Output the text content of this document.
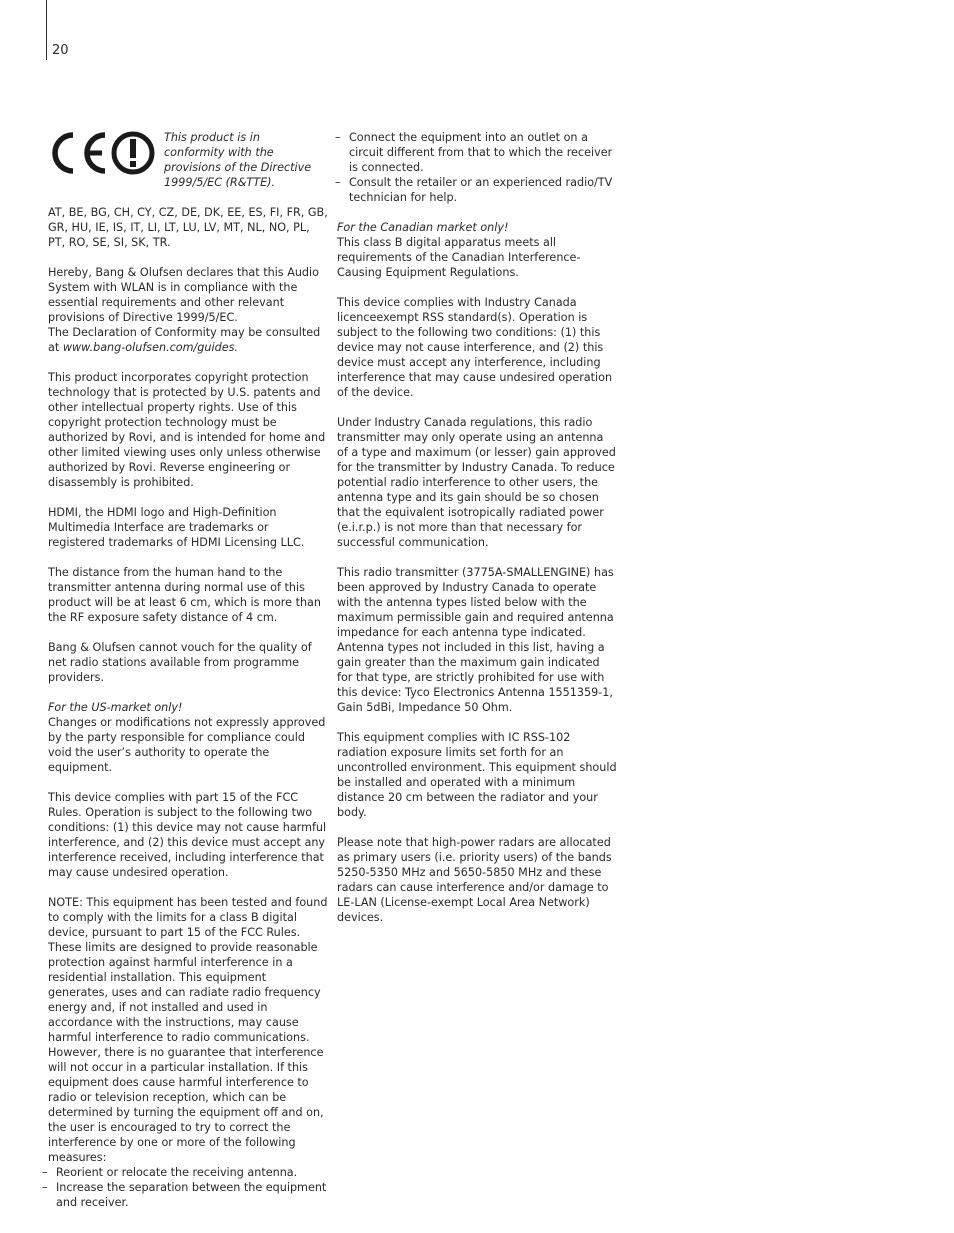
20
This product is in conformity with the provisions of the Directive 1999/5/EC (R&TTE).

AT, BE, BG, CH, CY, CZ, DE, DK, EE, ES, FI, FR, GB, GR, HU, IE, IS, IT, LI, LT, LU, LV, MT, NL, NO, PL, PT, RO, SE, SI, SK, TR.

Hereby, Bang & Olufsen declares that this Audio System with WLAN is in compliance with the essential requirements and other relevant provisions of Directive 1999/5/EC.

The Declaration of Conformity may be consulted at www.bang-olufsen.com/guides.

This product incorporates copyright protection technology that is protected by U.S. patents and other intellectual property rights. Use of this copyright protection technology must be authorized by Rovi, and is intended for home and other limited viewing uses only unless otherwise authorized by Rovi. Reverse engineering or disassembly is prohibited.

HDMI, the HDMI logo and High-Definition Multimedia Interface are trademarks or registered trademarks of HDMI Licensing LLC.

The distance from the human hand to the transmitter antenna during normal use of this product will be at least 6 cm, which is more than the RF exposure safety distance of 4 cm.

Bang & Olufsen cannot vouch for the quality of net radio stations available from programme providers.

For the US-market only!

Changes or modifications not expressly approved by the party responsible for compliance could void the user’s authority to operate the equipment.

This device complies with part 15 of the FCC Rules. Operation is subject to the following two conditions: (1) this device may not cause harmful interference, and (2) this device must accept any interference received, including interference that may cause undesired operation.

NOTE: This equipment has been tested and found to comply with the limits for a class B digital device, pursuant to part 15 of the FCC Rules. These limits are designed to provide reasonable protection against harmful interference in a residential installation. This equipment generates, uses and can radiate radio frequency energy and, if not installed and used in accordance with the instructions, may cause harmful interference to radio communications. However, there is no guarantee that interference will not occur in a particular installation. If this equipment does cause harmful interference to radio or television reception, which can be determined by turning the equipment off and on, the user is encouraged to try to correct the interference by one or more of the following measures:

– Reorient or relocate the receiving antenna.
– Increase the separation between the equipment and receiver.
– Connect the equipment into an outlet on a circuit different from that to which the receiver is connected.
– Consult the retailer or an experienced radio/TV technician for help.

For the Canadian market only!

This class B digital apparatus meets all requirements of the Canadian Interference-Causing Equipment Regulations.

This device complies with Industry Canada licenceexempt RSS standard(s). Operation is subject to the following two conditions: (1) this device may not cause interference, and (2) this device must accept any interference, including interference that may cause undesired operation of the device.

Under Industry Canada regulations, this radio transmitter may only operate using an antenna of a type and maximum (or lesser) gain approved for the transmitter by Industry Canada. To reduce potential radio interference to other users, the antenna type and its gain should be so chosen that the equivalent isotropically radiated power (e.i.r.p.) is not more than that necessary for successful communication.

This radio transmitter (3775A-SMALLENGINE) has been approved by Industry Canada to operate with the antenna types listed below with the maximum permissible gain and required antenna impedance for each antenna type indicated. Antenna types not included in this list, having a gain greater than the maximum gain indicated for that type, are strictly prohibited for use with this device: Tyco Electronics Antenna 1551359-1, Gain 5dBi, Impedance 50 Ohm.

This equipment complies with IC RSS-102 radiation exposure limits set forth for an uncontrolled environment. This equipment should be installed and operated with a minimum distance 20 cm between the radiator and your body.

Please note that high-power radars are allocated as primary users (i.e. priority users) of the bands 5250-5350 MHz and 5650-5850 MHz and these radars can cause interference and/or damage to LE-LAN (License-exempt Local Area Network) devices.
